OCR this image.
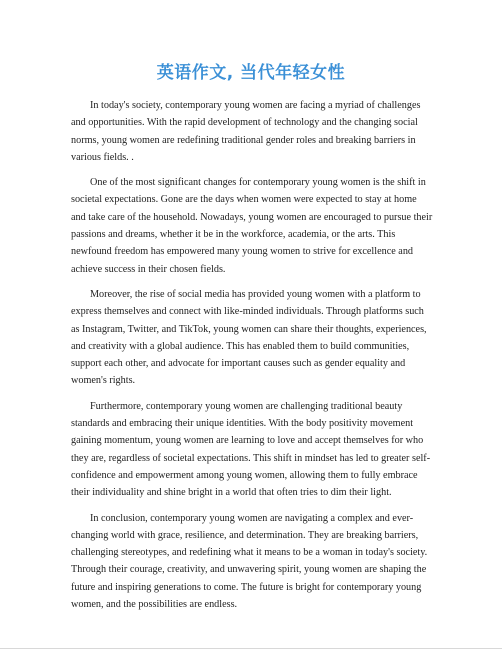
英语作文, 当代年轻女性

In today's society, contemporary young women are facing a myriad of challenges and opportunities. With the rapid development of technology and the changing social norms, young women are redefining traditional gender roles and breaking barriers in various fields. .

One of the most significant changes for contemporary young women is the shift in societal expectations. Gone are the days when women were expected to stay at home and take care of the household. Nowadays, young women are encouraged to pursue their passions and dreams, whether it be in the workforce, academia, or the arts. This newfound freedom has empowered many young women to strive for excellence and achieve success in their chosen fields.

Moreover, the rise of social media has provided young women with a platform to express themselves and connect with like-minded individuals. Through platforms such as Instagram, Twitter, and TikTok, young women can share their thoughts, experiences, and creativity with a global audience. This has enabled them to build communities, support each other, and advocate for important causes such as gender equality and women's rights.

Furthermore, contemporary young women are challenging traditional beauty standards and embracing their unique identities. With the body positivity movement gaining momentum, young women are learning to love and accept themselves for who they are, regardless of societal expectations. This shift in mindset has led to greater self-confidence and empowerment among young women, allowing them to fully embrace their individuality and shine bright in a world that often tries to dim their light.

In conclusion, contemporary young women are navigating a complex and ever-changing world with grace, resilience, and determination. They are breaking barriers, challenging stereotypes, and redefining what it means to be a woman in today's society. Through their courage, creativity, and unwavering spirit, young women are shaping the future and inspiring generations to come. The future is bright for contemporary young women, and the possibilities are endless.
